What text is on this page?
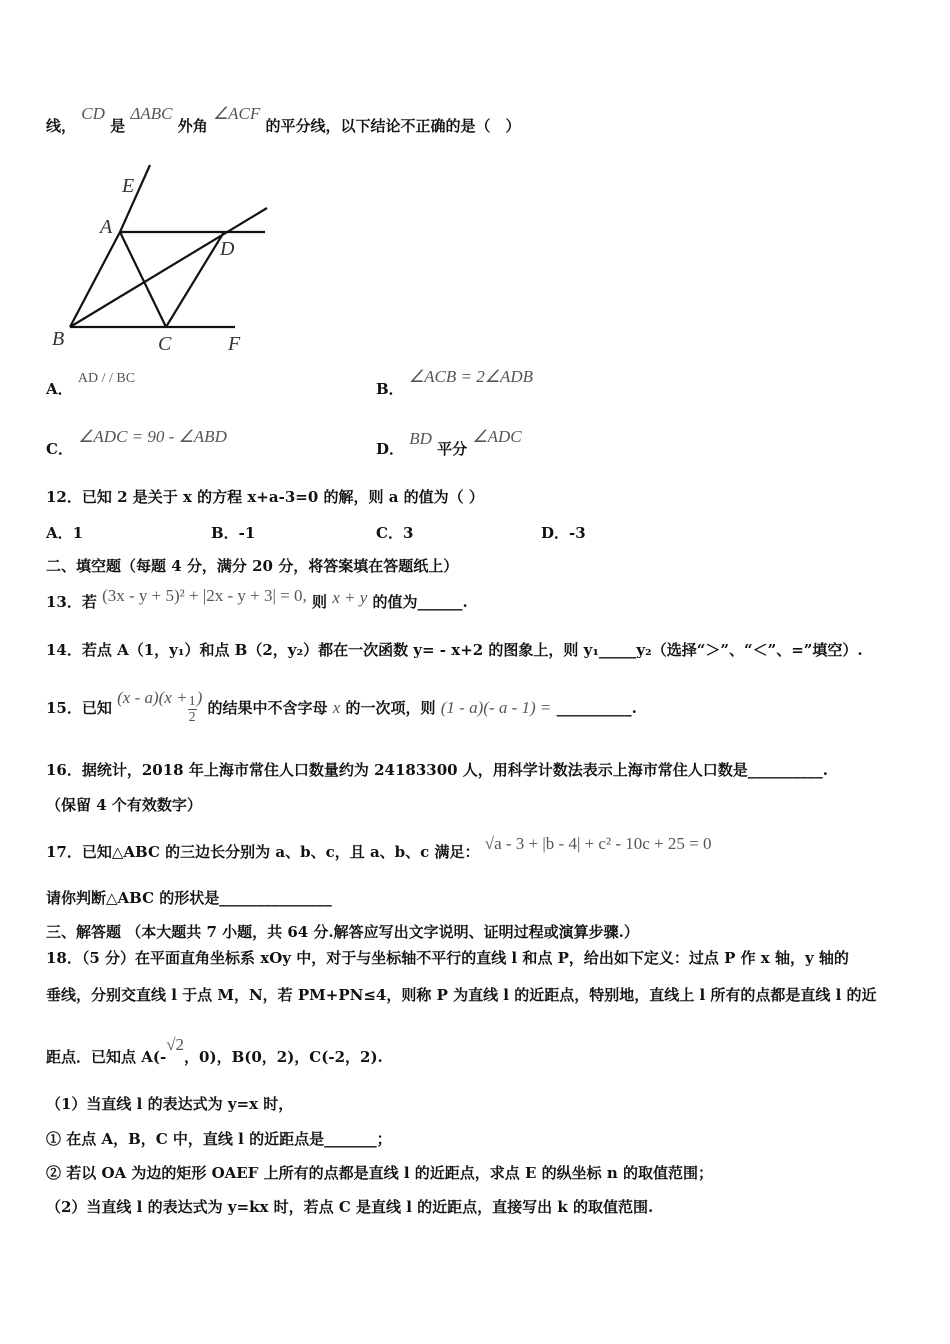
线， CD 是 ΔABC 外角 ∠ACF 的平分线，以下结论不正确的是（　）
E
A
D
B	C	F
A． AD / / BC
B． ∠ACB = 2∠ADB
C． ∠ADC = 90 - ∠ABD
D． BD 平分 ∠ADC
12．已知 2 是关于 x 的方程 x+a-3=0 的解，则 a 的值为（ ）
A．1	B．-1	C．3	D．-3
二、填空题（每题 4 分，满分 20 分，将答案填在答题纸上）
13．若 (3x - y + 5)² + |2x - y + 3| = 0, 则 x + y 的值为______.
14．若点 A（1，y₁）和点 B（2，y₂）都在一次函数 y= - x+2 的图象上，则 y₁_____y₂（选择“＞”、“＜”、=”填空）.
15．已知 $(x - a)(x + \frac{1}{2}$ ) 的结果中不含字母 x 的一次项，则 (1 - a)(- a - 1) = __________.
16．据统计，2018 年上海市常住人口数量约为 24183300 人，用科学计数法表示上海市常住人口数是__________.
（保留 4 个有效数字）
17．已知△ABC 的三边长分别为 a、b、c，且 a、b、c 满足： √a - 3 + |b - 4| + c² - 10c + 25 = 0
请你判断△ABC 的形状是_______________
三、解答题 （本大题共 7 小题，共 64 分.解答应写出文字说明、证明过程或演算步骤.）
18．（5 分）在平面直角坐标系 xOy 中，对于与坐标轴不平行的直线 l 和点 P，给出如下定义：过点 P 作 x 轴，y 轴的
垂线，分别交直线 l 于点 M，N，若 PM+PN≤4，则称 P 为直线 l 的近距点，特别地，直线上 l 所有的点都是直线 l 的近
距点．已知点 A(-√2，0)，B(0，2)，C(-2，2).
（1）当直线 l 的表达式为 y=x 时，
① 在点 A，B，C 中，直线 l 的近距点是_______；
② 若以 OA 为边的矩形 OAEF 上所有的点都是直线 l 的近距点，求点 E 的纵坐标 n 的取值范围；
（2）当直线 l 的表达式为 y=kx 时，若点 C 是直线 l 的近距点，直接写出 k 的取值范围.
